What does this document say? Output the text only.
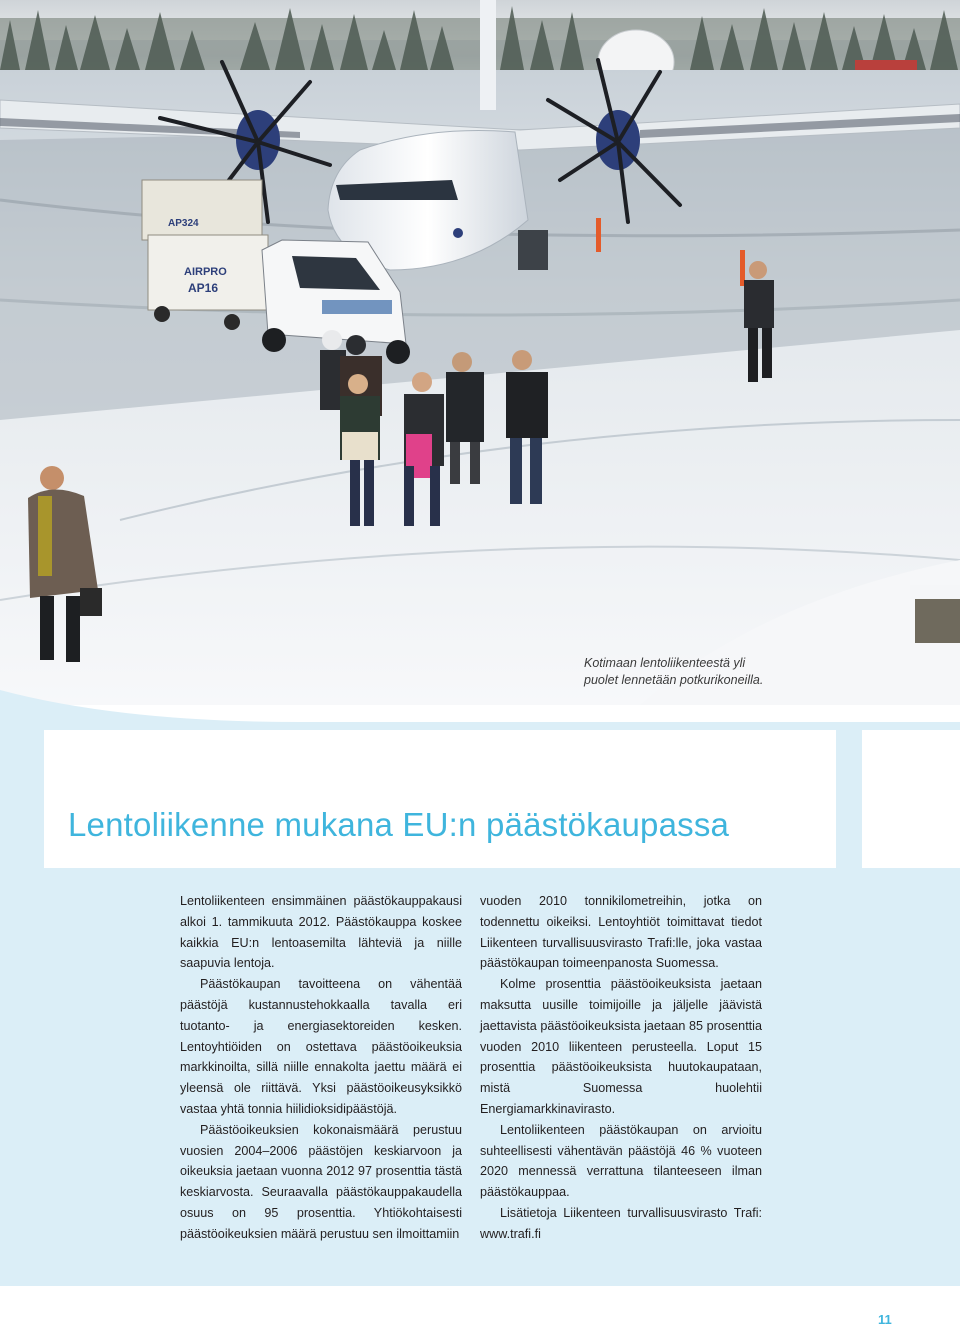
AP324
AIRPRO
AP16
Kotimaan lentoliikenteestä yli
puolet lennetään potkurikoneilla.
Lentoliikenne mukana EU:n päästökaupassa

Lentoliikenteen ensimmäinen päästökauppakausi alkoi 1. tammikuuta 2012. Päästökauppa koskee kaikkia EU:n lentoasemilta lähteviä ja niille saapuvia lentoja.

Päästökaupan tavoitteena on vähentää päästöjä kustannustehokkaalla tavalla eri tuotanto- ja energiasektoreiden kesken. Lentoyhtiöiden on ostettava päästöoikeuksia markkinoilta, sillä niille ennakolta jaettu määrä ei yleensä ole riittävä. Yksi päästöoikeusyksikkö vastaa yhtä tonnia hiilidioksidipäästöjä.

Päästöoikeuksien kokonaismäärä perustuu vuosien 2004–2006 päästöjen keskiarvoon ja oikeuksia jaetaan vuonna 2012 97 prosenttia tästä keskiarvosta. Seuraavalla päästökauppakaudella osuus on 95 prosenttia. Yhtiökohtaisesti päästöoikeuksien määrä perustuu sen ilmoittamiin

vuoden 2010 tonnikilometreihin, jotka on todennettu oikeiksi. Lentoyhtiöt toimittavat tiedot Liikenteen turvallisuusvirasto Trafi:lle, joka vastaa päästökaupan toimeenpanosta Suomessa.

Kolme prosenttia päästöoikeuksista jaetaan maksutta uusille toimijoille ja jäljelle jäävistä jaettavista päästöoikeuksista jaetaan 85 prosenttia vuoden 2010 liikenteen perusteella. Loput 15 prosenttia päästöoikeuksista huutokaupataan, mistä Suomessa huolehtii Energiamarkkinavirasto.

Lentoliikenteen päästökaupan on arvioitu suhteellisesti vähentävän päästöjä 46 % vuoteen 2020 mennessä verrattuna tilanteeseen ilman päästökauppaa.

Lisätietoja Liikenteen turvallisuusvirasto Trafi: www.trafi.fi

11
